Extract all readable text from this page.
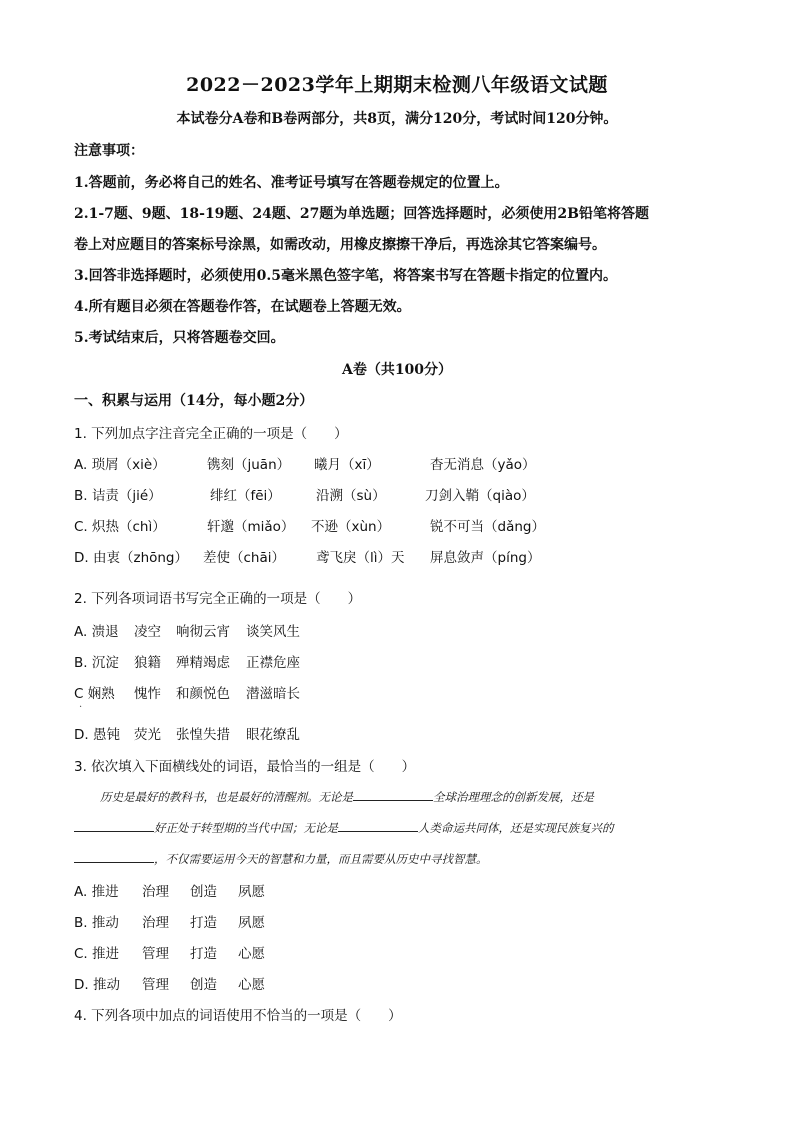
2022－2023学年上期期末检测八年级语文试题
本试卷分A卷和B卷两部分，共8页，满分120分，考试时间120分钟。
注意事项：
1.答题前，务必将自己的姓名、准考证号填写在答题卷规定的位置上。
2.1-7题、9题、18-19题、24题、27题为单选题；回答选择题时，必须使用2B铅笔将答题
卷上对应题目的答案标号涂黑，如需改动，用橡皮擦擦干净后，再选涂其它答案编号。
3.回答非选择题时，必须使用0.5毫米黑色签字笔，将答案书写在答题卡指定的位置内。
4.所有题目必须在答题卷作答，在试题卷上答题无效。
5.考试结束后，只将答题卷交回。
A卷（共100分）
一、积累与运用（14分，每小题2分）
1. 下列加点字注音完全正确的一项是（　　）
A. 琐屑（xiè）	镌刻（juān） 曦月（xī）	杳无消息（yǎo）
B. 诘责（jié）	绯红（fēi）	沿溯（sù）	刀剑入鞘（qiào）
C. 炽热（chì）	轩邈（miǎo） 不逊（xùn）	锐不可当（dǎng）
D. 由衷（zhōng） 差使（chāi） 鸢飞戾（lì）天 屏息敛声（píng）
2. 下列各项词语书写完全正确的一项是（　　）
A. 溃退 凌空 响彻云宵 谈笑风生
B. 沉淀 狼籍 殚精竭虑 正襟危座
C 娴熟 愧怍 和颜悦色 潜滋暗长
·
D. 愚钝 荧光 张惶失措 眼花缭乱
3. 依次填入下面横线处的词语，最恰当的一组是（　　）
历史是最好的教科书，也是最好的清醒剂。无论是	全球治理理念的创新发展，还是
好正处于转型期的当代中国；无论是	人类命运共同体，还是实现民族复兴的
，不仅需要运用今天的智慧和力量，而且需要从历史中寻找智慧。
A. 推进 治理 创造 夙愿
B. 推动 治理 打造 夙愿
C. 推进 管理 打造 心愿
D. 推动 管理 创造 心愿
4. 下列各项中加点的词语使用不恰当的一项是（　　）
